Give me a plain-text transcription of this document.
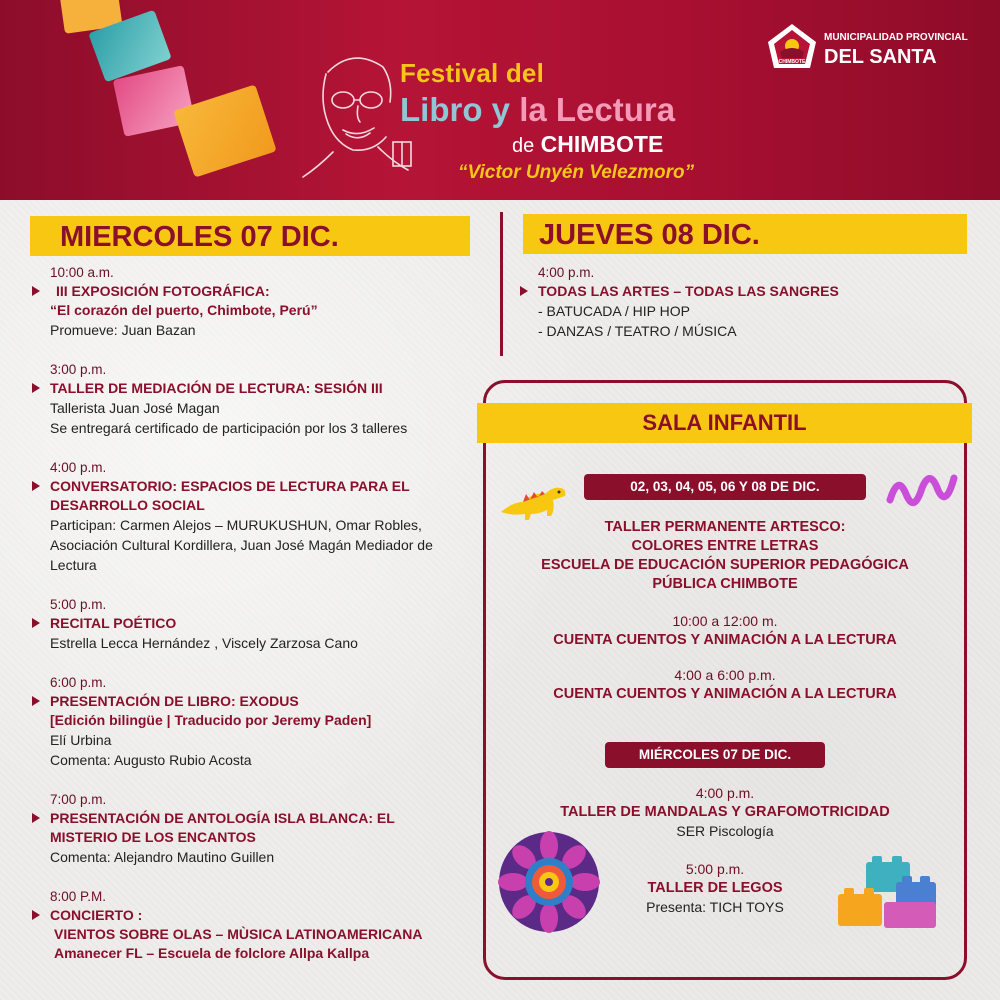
Festival del
Libro y la Lectura
de CHIMBOTE
“Victor Unyén Velezmoro”
CHIMBOTE
MUNICIPALIDAD PROVINCIAL
DEL SANTA
MIERCOLES 07 DIC.	JUEVES 08 DIC.
10:00 a.m.
III EXPOSICIÓN FOTOGRÁFICA:
“El corazón del puerto, Chimbote, Perú”
Promueve: Juan Bazan
3:00 p.m.
TALLER DE MEDIACIÓN DE LECTURA: SESIÓN III
Tallerista Juan José Magan
Se entregará certificado de participación por los 3 talleres
4:00 p.m.
CONVERSATORIO: ESPACIOS DE LECTURA PARA EL DESARROLLO SOCIAL
Participan: Carmen Alejos – MURUKUSHUN, Omar Robles, Asociación Cultural Kordillera, Juan José Magán Mediador de Lectura
5:00 p.m.
RECITAL POÉTICO
Estrella Lecca Hernández , Viscely Zarzosa Cano
6:00 p.m.
PRESENTACIÓN DE LIBRO: EXODUS
[Edición bilingüe | Traducido por Jeremy Paden]
Elí Urbina
Comenta: Augusto Rubio Acosta
7:00 p.m.
PRESENTACIÓN DE ANTOLOGÍA ISLA BLANCA: EL MISTERIO DE LOS ENCANTOS
Comenta: Alejandro Mautino Guillen
8:00 P.M.
CONCIERTO :
VIENTOS SOBRE OLAS – MÙSICA LATINOAMERICANA
Amanecer FL – Escuela de folclore Allpa Kallpa
4:00 p.m.
TODAS LAS ARTES – TODAS LAS SANGRES
- BATUCADA / HIP HOP
- DANZAS / TEATRO / MÚSICA
SALA INFANTIL
02, 03, 04, 05, 06 Y 08 DE DIC.
TALLER PERMANENTE ARTESCO:
COLORES ENTRE LETRAS
ESCUELA DE EDUCACIÓN SUPERIOR PEDAGÓGICA
PÚBLICA CHIMBOTE
10:00 a 12:00 m.
CUENTA CUENTOS Y ANIMACIÓN A LA LECTURA
4:00 a 6:00 p.m.
CUENTA CUENTOS Y ANIMACIÓN A LA LECTURA
MIÉRCOLES 07 DE DIC.
4:00 p.m.
TALLER DE MANDALAS Y GRAFOMOTRICIDAD
SER Piscología
5:00 p.m.
TALLER DE LEGOS
Presenta: TICH TOYS
